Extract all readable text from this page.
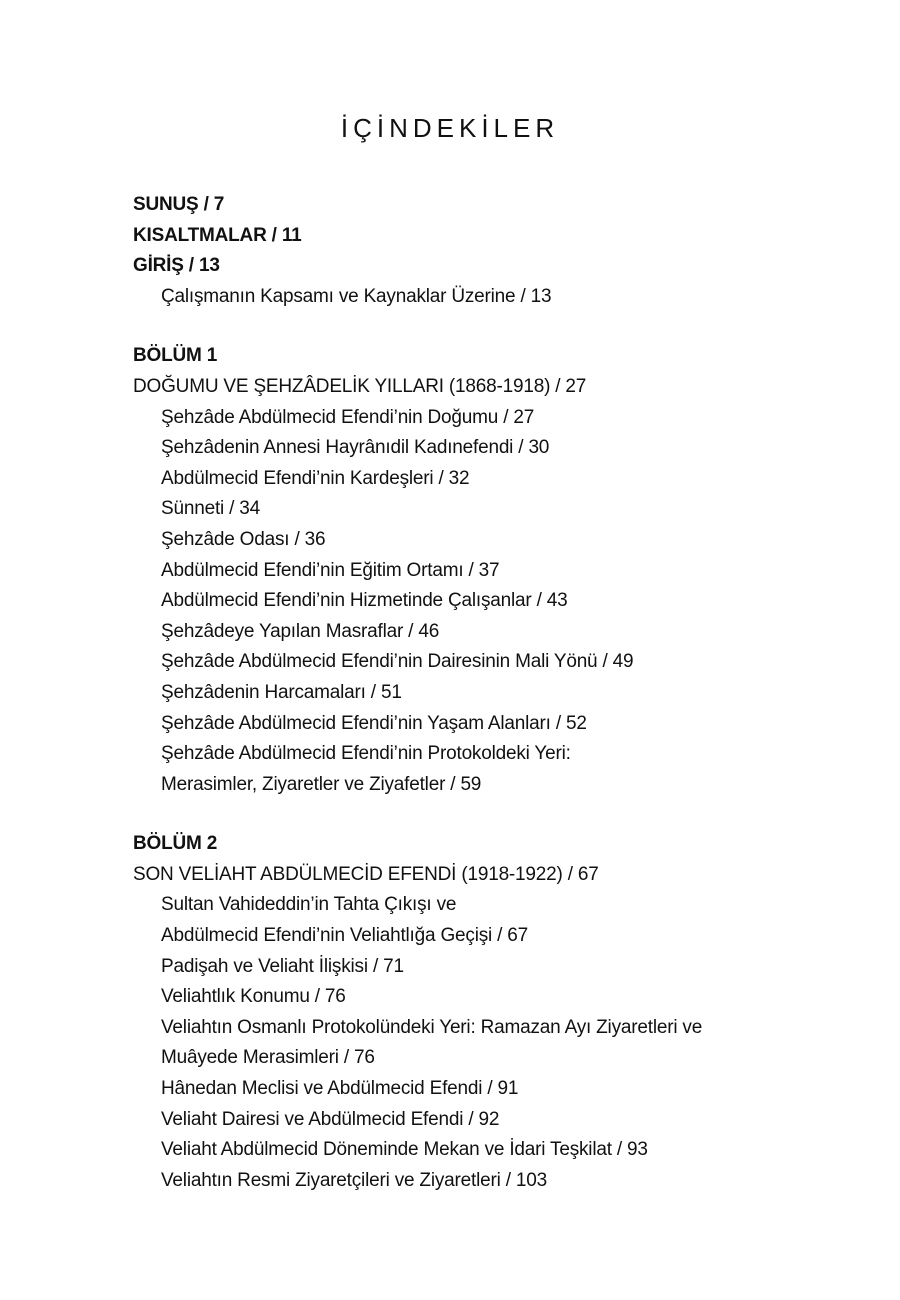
İÇİNDEKİLER
SUNUŞ / 7
KISALTMALAR / 11
GİRİŞ / 13
Çalışmanın Kapsamı ve Kaynaklar Üzerine / 13
BÖLÜM 1
DOĞUMU VE ŞEHZÂDELİK YILLARI (1868-1918) / 27
Şehzâde Abdülmecid Efendi’nin Doğumu / 27
Şehzâdenin Annesi Hayrânıdil Kadınefendi / 30
Abdülmecid Efendi’nin Kardeşleri / 32
Sünneti / 34
Şehzâde Odası / 36
Abdülmecid Efendi’nin Eğitim Ortamı / 37
Abdülmecid Efendi’nin Hizmetinde Çalışanlar / 43
Şehzâdeye Yapılan Masraflar / 46
Şehzâde Abdülmecid Efendi’nin Dairesinin Mali Yönü / 49
Şehzâdenin Harcamaları / 51
Şehzâde Abdülmecid Efendi’nin Yaşam Alanları / 52
Şehzâde Abdülmecid Efendi’nin Protokoldeki Yeri:
Merasimler, Ziyaretler ve Ziyafetler / 59
BÖLÜM 2
SON VELİAHT ABDÜLMECİD EFENDİ (1918-1922) / 67
Sultan Vahideddin’in Tahta Çıkışı ve
Abdülmecid Efendi’nin Veliahtlığa Geçişi / 67
Padişah ve Veliaht İlişkisi / 71
Veliahtlık Konumu / 76
Veliahtın Osmanlı Protokolündeki Yeri: Ramazan Ayı Ziyaretleri ve
Muâyede Merasimleri / 76
Hânedan Meclisi ve Abdülmecid Efendi / 91
Veliaht Dairesi ve Abdülmecid Efendi / 92
Veliaht Abdülmecid Döneminde Mekan ve İdari Teşkilat / 93
Veliahtın Resmi Ziyaretçileri ve Ziyaretleri / 103
